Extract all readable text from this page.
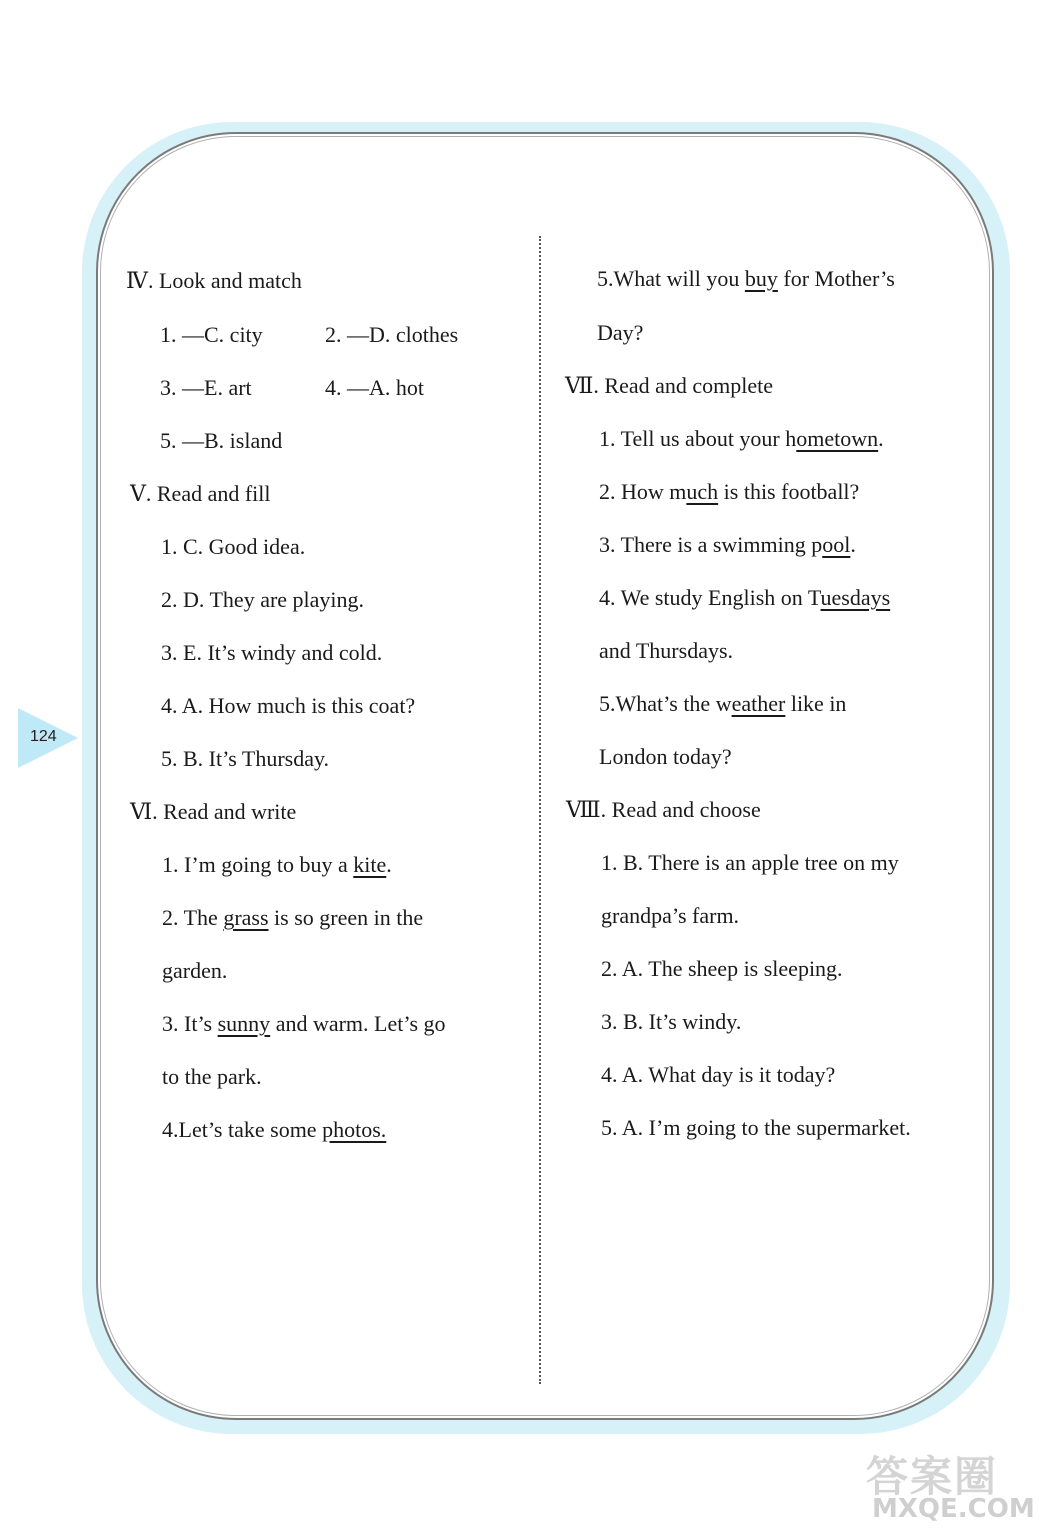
124
Ⅳ. Look and match
1. —C. city	2. —D. clothes
3. —E. art	4. —A. hot
5. —B. island
Ⅴ. Read and fill
1. C. Good idea.
2. D. They are playing.
3. E. It’s windy and cold.
4. A. How much is this coat?
5. B. It’s Thursday.
Ⅵ. Read and write
1. I’m going to buy a kite.
2. The grass is so green in the
garden.
3. It’s sunny and warm. Let’s go
to the park.
4.Let’s take some photos.
5.What will you buy for Mother’s
Day?
Ⅶ. Read and complete
1. Tell us about your hometown.
2. How much is this football?
3. There is a swimming pool.
4. We study English on Tuesdays
and Thursdays.
5.What’s the weather like in
London today?
Ⅷ. Read and choose
1. B. There is an apple tree on my
grandpa’s farm.
2. A. The sheep is sleeping.
3. B. It’s windy.
4. A. What day is it today?
5. A. I’m going to the supermarket.
答案圈
MXQE.COM
